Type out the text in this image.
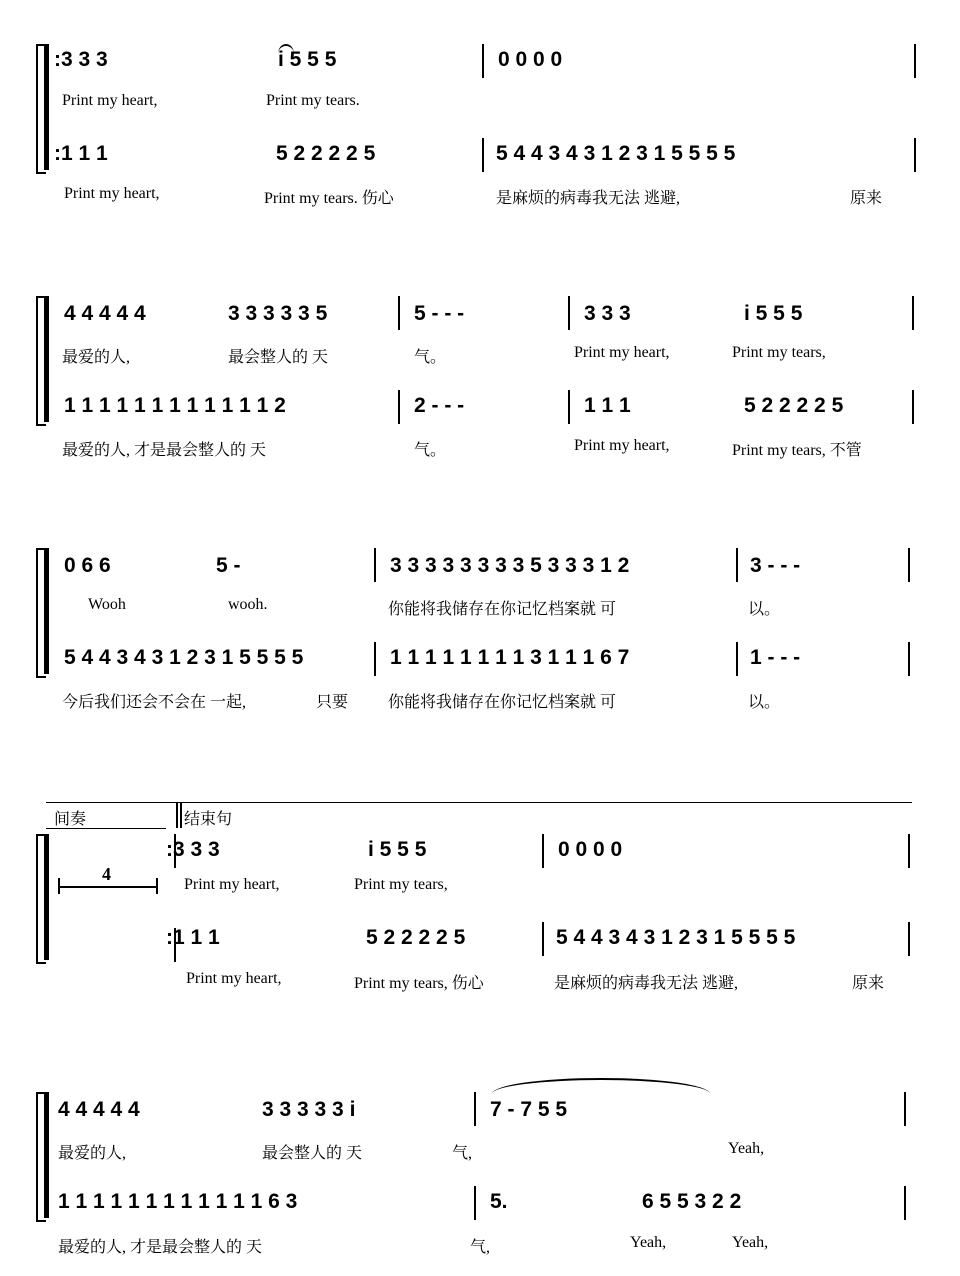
:3 3 3	i 5 5 5	0 0 0 0
Print my heart,	Print my tears.
:1 1 1	5 2 2 2 2 5	5 4 4 3 4 3 1 2 3 1 5 5 5 5
Print my heart,	Print my tears. 伤心	是麻烦的病毒我无法 逃避,	原来
4 4 4 4 4	3 3 3 3 3 5	5 - - -	3 3 3	i 5 5 5
最爱的人,	最会整人的 天	气。	Print my heart,	Print my tears,
1 1 1 1 1 1 1 1 1 1 1 1 2	2 - - -	1 1 1	5 2 2 2 2 5
最爱的人, 才是最会整人的 天	气。	Print my heart,	Print my tears, 不管
0 6 6	5 -	3 3 3 3 3 3 3 3 5 3 3 3 1 2	3 - - -
Wooh	wooh.	你能将我储存在你记忆档案就 可	以。
5 4 4 3 4 3 1 2 3 1 5 5 5 5	1 1 1 1 1 1 1 1 3 1 1 1 6 7	1 - - -
今后我们还会不会在 一起,	只要 你能将我储存在你记忆档案就 可	以。
间奏	结束句
4
:3 3 3	i 5 5 5	0 0 0 0
Print my heart,	Print my tears,
:1 1 1	5 2 2 2 2 5	5 4 4 3 4 3 1 2 3 1 5 5 5 5
Print my heart,	Print my tears, 伤心	是麻烦的病毒我无法 逃避,	原来
4 4 4 4 4	3 3 3 3 3 i	7 - 7 5 5
最爱的人,	最会整人的 天	气,	Yeah,
1 1 1 1 1 1 1 1 1 1 1 1 6 3	5.	6 5 5 3 2 2
最爱的人, 才是最会整人的 天	气,	Yeah,	Yeah,
